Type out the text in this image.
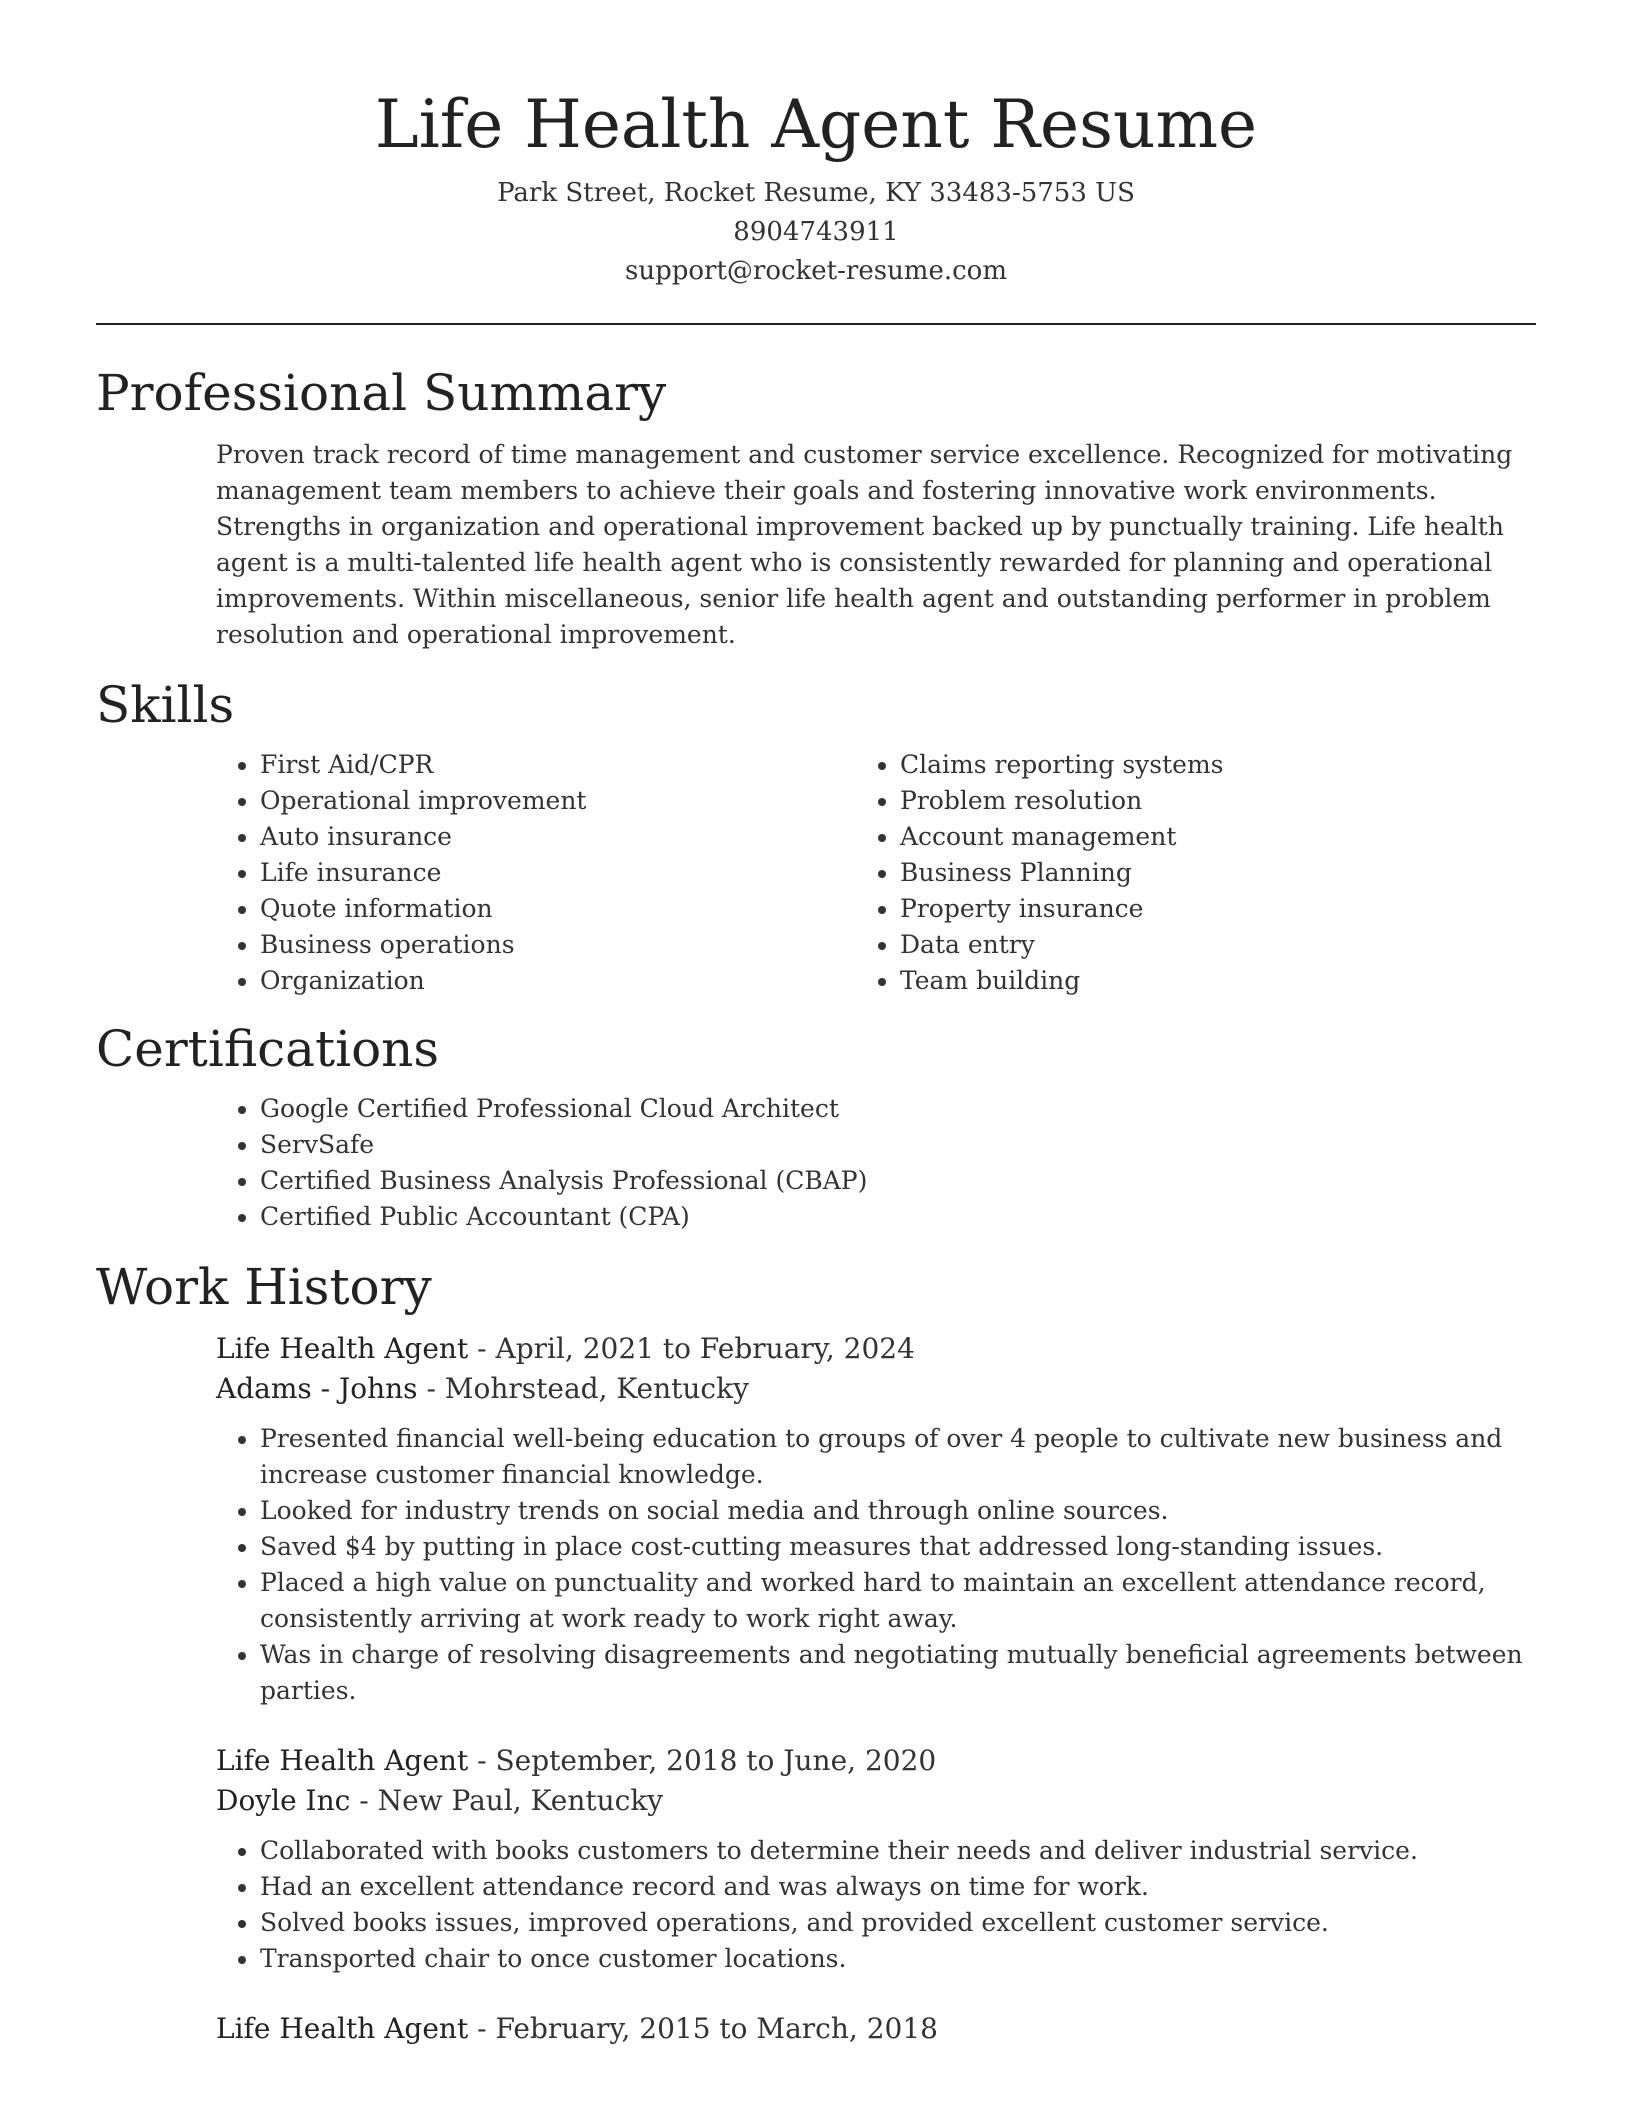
Life Health Agent Resume
Park Street, Rocket Resume, KY 33483-5753 US
8904743911
support@rocket-resume.com
Professional Summary

Proven track record of time management and customer service excellence. Recognized for motivating management team members to achieve their goals and fostering innovative work environments. Strengths in organization and operational improvement backed up by punctually training. Life health agent is a multi-talented life health agent who is consistently rewarded for planning and operational improvements. Within miscellaneous, senior life health agent and outstanding performer in problem resolution and operational improvement.

Skills
• First Aid/CPR
• Operational improvement
• Auto insurance
• Life insurance
• Quote information
• Business operations
• Organization
• Claims reporting systems
• Problem resolution
• Account management
• Business Planning
• Property insurance
• Data entry
• Team building
Certifications
• Google Certified Professional Cloud Architect
• ServSafe
• Certified Business Analysis Professional (CBAP)
• Certified Public Accountant (CPA)
Work History
Life Health Agent - April, 2021 to February, 2024
Adams - Johns - Mohrstead, Kentucky
• Presented financial well-being education to groups of over 4 people to cultivate new business and increase customer financial knowledge.
• Looked for industry trends on social media and through online sources.
• Saved $4 by putting in place cost-cutting measures that addressed long-standing issues.
• Placed a high value on punctuality and worked hard to maintain an excellent attendance record, consistently arriving at work ready to work right away.
• Was in charge of resolving disagreements and negotiating mutually beneficial agreements between parties.
Life Health Agent - September, 2018 to June, 2020
Doyle Inc - New Paul, Kentucky
• Collaborated with books customers to determine their needs and deliver industrial service.
• Had an excellent attendance record and was always on time for work.
• Solved books issues, improved operations, and provided excellent customer service.
• Transported chair to once customer locations.
Life Health Agent - February, 2015 to March, 2018
